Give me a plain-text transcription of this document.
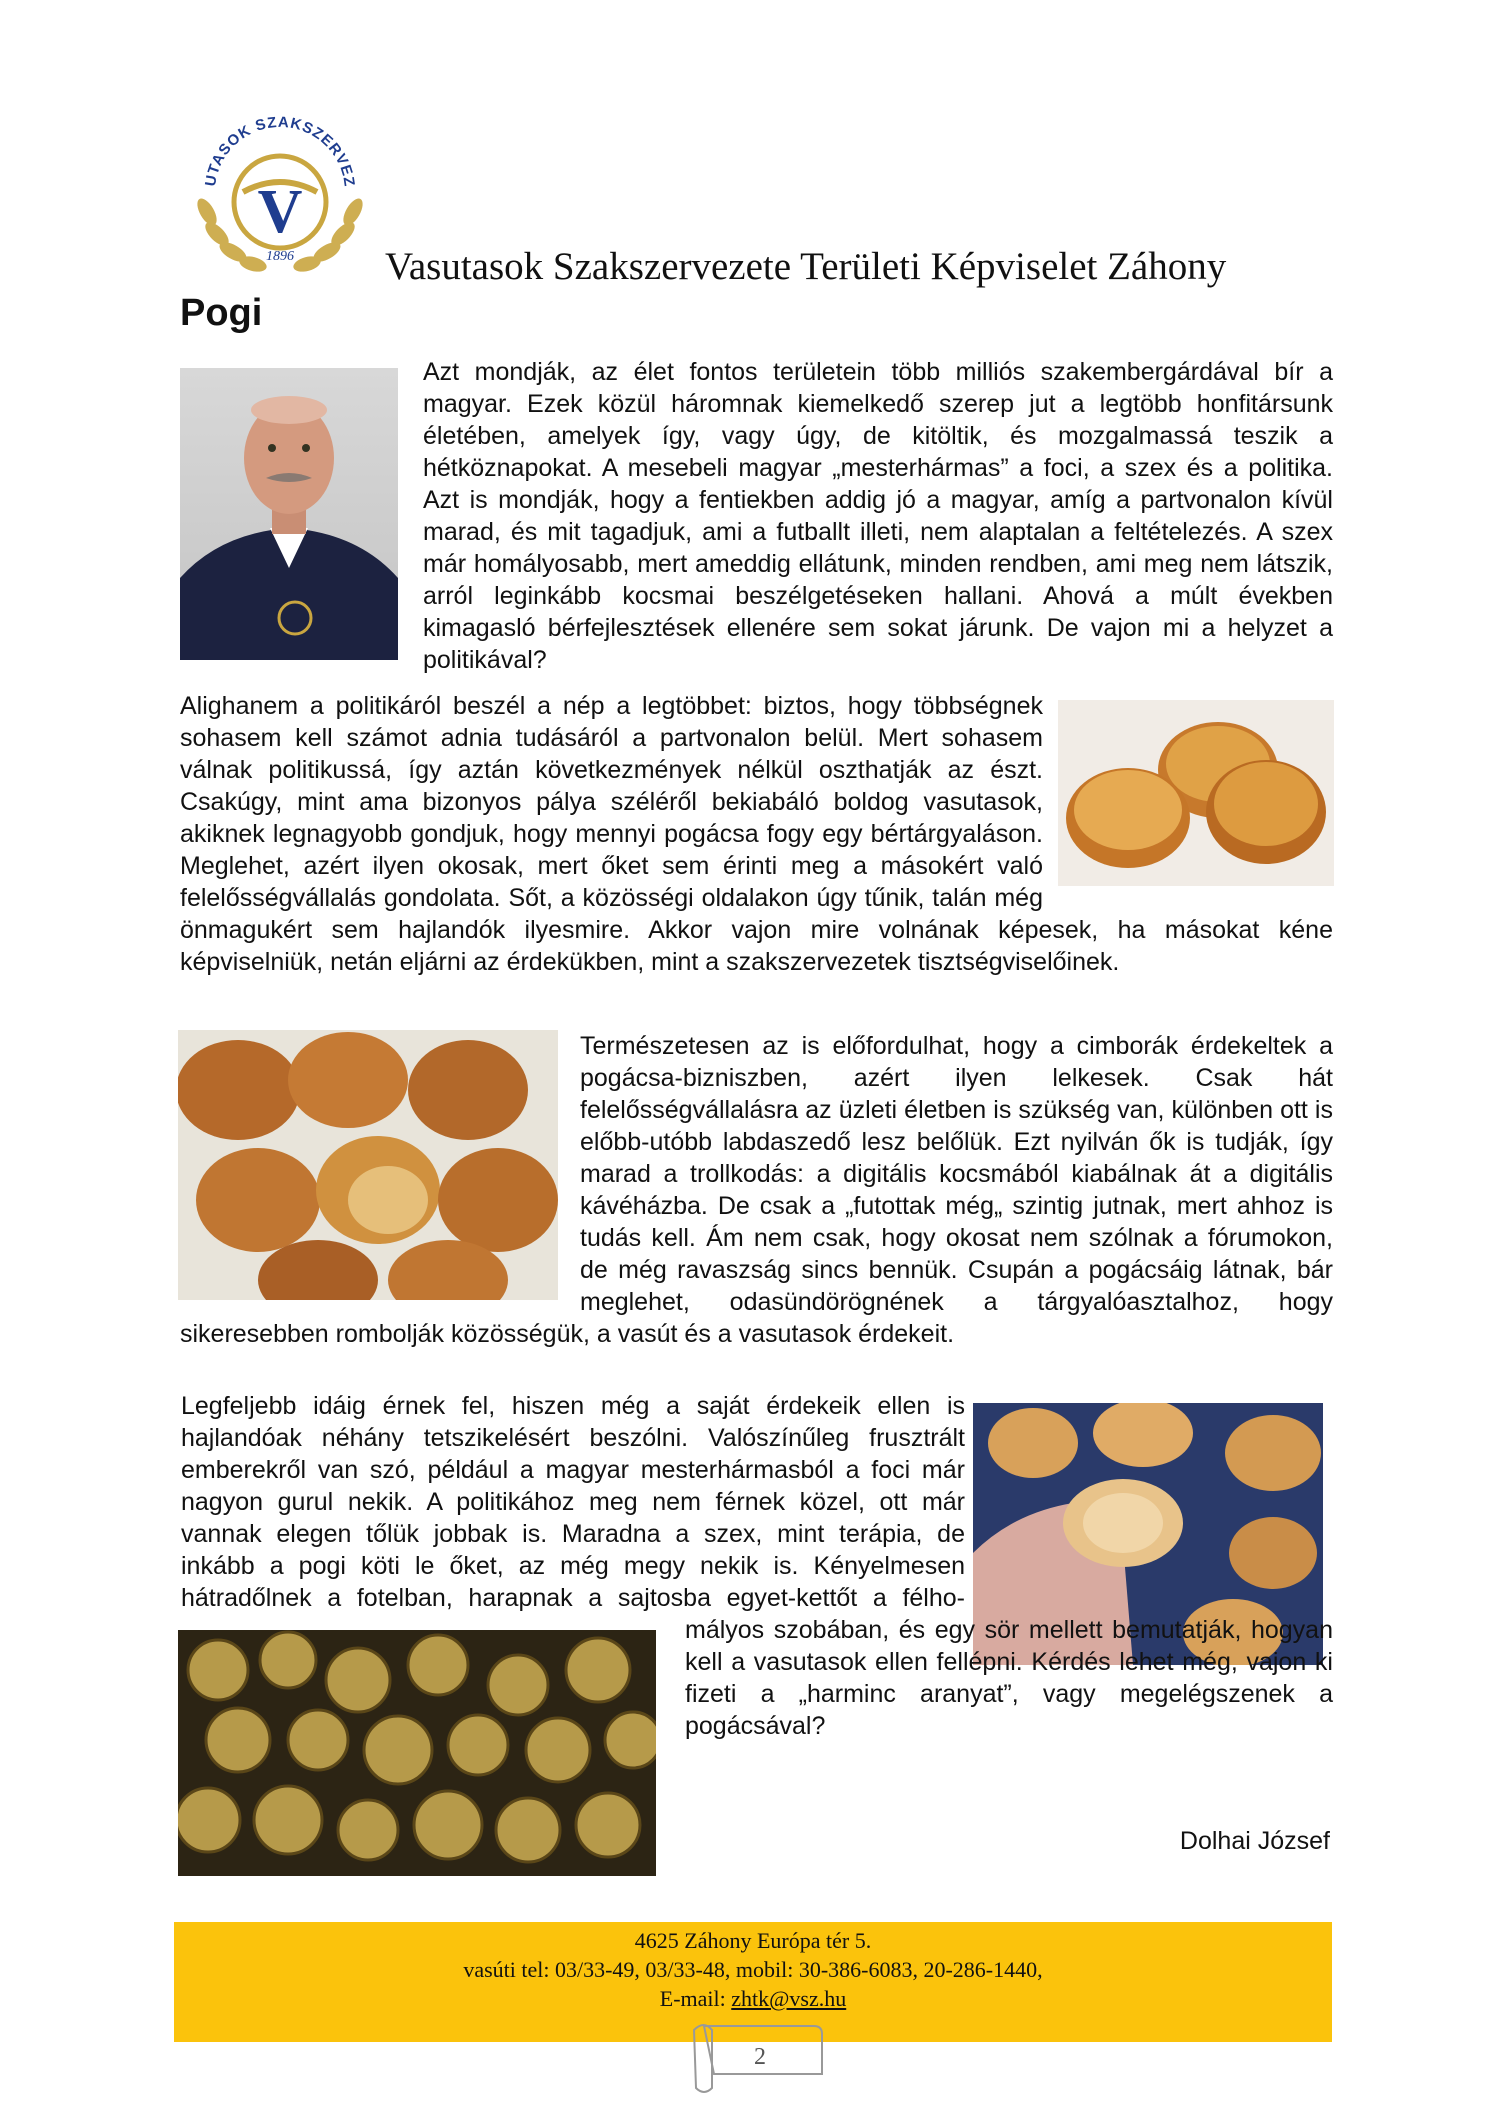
UTASOK SZAKSZERVEZ
V
1896 Vasutasok Szakszervezete Területi Képviselet Záhony
Pogi

Azt mondják, az élet fontos területein több milliós szakembergárdával bír a magyar. Ezek közül háromnak kiemelkedő szerep jut a legtöbb honfitársunk életében, amelyek így, vagy úgy, de kitöltik, és mozgalmassá teszik a hétköznapokat. A mesebeli magyar „mesterhármas” a foci, a szex és a politika. Azt is mondják, hogy a fentiekben addig jó a magyar, amíg a partvonalon kívül marad, és mit tagadjuk, ami a futballt illeti, nem alaptalan a feltételezés. A szex már homályosabb, mert ameddig ellátunk, minden rendben, ami meg nem látszik, arról leginkább kocsmai beszélgetéseken hallani. Ahová a múlt években kimagasló bérfejlesztések ellenére sem sokat járunk. De vajon mi a helyzet a politikával?

Alighanem a politikáról beszél a nép a legtöbbet: biztos, hogy többségnek sohasem kell számot adnia tudásáról a partvonalon belül. Mert sohasem válnak politikussá, így aztán következmények nélkül oszthatják az észt. Csakúgy, mint ama bizonyos pálya széléről bekiabáló boldog vasutasok, akiknek legnagyobb gondjuk, hogy mennyi pogácsa fogy egy bértárgyaláson. Meglehet, azért ilyen okosak, mert őket sem érinti meg a másokért való felelősségvállalás gondolata. Sőt, a közösségi oldalakon úgy tűnik, talán még önmagukért sem hajlandók ilyesmire. Akkor vajon mire volnának képesek, ha másokat kéne képviselniük, netán eljárni az érdekükben, mint a szakszervezetek tisztségviselőinek.

Természetesen az is előfordulhat, hogy a cimborák érdekeltek a pogácsa-bizniszben, azért ilyen lelkesek. Csak hát felelősségvállalásra az üzleti életben is szükség van, különben ott is előbb-utóbb labdaszedő lesz belőlük. Ezt nyilván ők is tudják, így marad a trollkodás: a digitális kocsmából kiabálnak át a digitális kávéházba. De csak a „futottak még„ szintig jutnak, mert ahhoz is tudás kell. Ám nem csak, hogy okosat nem szólnak a fórumokon, de még ravaszság sincs bennük. Csupán a pogácsáig látnak, bár meglehet, odasündörögnének a tárgyalóasztalhoz, hogy sikeresebben rombolják közösségük, a vasút és a vasutasok érdekeit.

Legfeljebb idáig érnek fel, hiszen még a saját érdekeik ellen is hajlandóak néhány tetszikelésért beszólni. Valószínűleg frusztrált emberekről van szó, például a magyar mesterhármasból a foci már nagyon gurul nekik. A politikához meg nem férnek közel, ott már vannak elegen tőlük jobbak is. Maradna a szex, mint terápia, de inkább a pogi köti le őket, az még megy nekik is. Kényelmesen hátradőlnek a fotelban, harapnak a sajtosba egyet-kettőt a félhomályos szobában, és egy sör mellett bemutatják, hogyan kell a vasutasok ellen fellépni. Kérdés lehet még, vajon ki fizeti a „harminc aranyat”, vagy megelégszenek a pogácsával?

Dolhai József
4625 Záhony Európa tér 5.
vasúti tel: 03/33-49, 03/33-48, mobil: 30-386-6083, 20-286-1440,
E-mail: zhtk@vsz.hu
2
